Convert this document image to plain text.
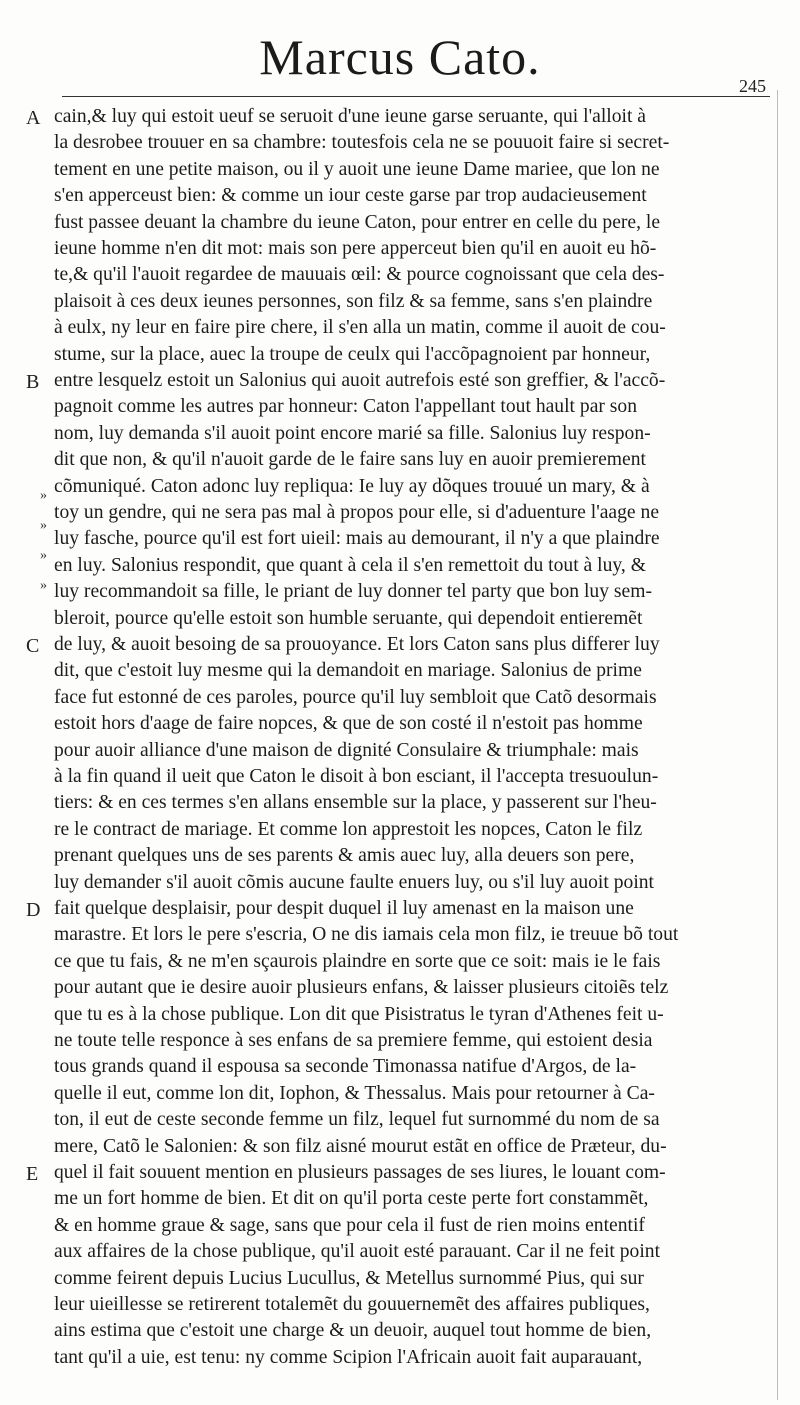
Marcus Cato.
245
A
B
C
D
E
»
»
»
»
cain,& luy qui estoit ueuf se seruoit d'une ieune garse seruante, qui l'alloit à
la desrobee trouuer en sa chambre: toutesfois cela ne se pouuoit faire si secret-
tement en une petite maison, ou il y auoit une ieune Dame mariee, que lon ne
s'en apperceust bien: & comme un iour ceste garse par trop audacieusement
fust passee deuant la chambre du ieune Caton, pour entrer en celle du pere, le
ieune homme n'en dit mot: mais son pere apperceut bien qu'il en auoit eu hõ-
te,& qu'il l'auoit regardee de mauuais œil: & pource cognoissant que cela des-
plaisoit à ces deux ieunes personnes, son filz & sa femme, sans s'en plaindre
à eulx, ny leur en faire pire chere, il s'en alla un matin, comme il auoit de cou-
stume, sur la place, auec la troupe de ceulx qui l'accõpagnoient par honneur,
entre lesquelz estoit un Salonius qui auoit autrefois esté son greffier, & l'accõ-
pagnoit comme les autres par honneur: Caton l'appellant tout hault par son
nom, luy demanda s'il auoit point encore marié sa fille. Salonius luy respon-
dit que non, & qu'il n'auoit garde de le faire sans luy en auoir premierement
cõmuniqué. Caton adonc luy repliqua: Ie luy ay dõques trouué un mary, & à
toy un gendre, qui ne sera pas mal à propos pour elle, si d'aduenture l'aage ne
luy fasche, pource qu'il est fort uieil: mais au demourant, il n'y a que plaindre
en luy. Salonius respondit, que quant à cela il s'en remettoit du tout à luy, &
luy recommandoit sa fille, le priant de luy donner tel party que bon luy sem-
bleroit, pource qu'elle estoit son humble seruante, qui dependoit entieremẽt
de luy, & auoit besoing de sa prouoyance. Et lors Caton sans plus differer luy
dit, que c'estoit luy mesme qui la demandoit en mariage. Salonius de prime
face fut estonné de ces paroles, pource qu'il luy sembloit que Catõ desormais
estoit hors d'aage de faire nopces, & que de son costé il n'estoit pas homme
pour auoir alliance d'une maison de dignité Consulaire & triumphale: mais
à la fin quand il ueit que Caton le disoit à bon esciant, il l'accepta tresuoulun-
tiers: & en ces termes s'en allans ensemble sur la place, y passerent sur l'heu-
re le contract de mariage. Et comme lon apprestoit les nopces, Caton le filz
prenant quelques uns de ses parents & amis auec luy, alla deuers son pere,
luy demander s'il auoit cõmis aucune faulte enuers luy, ou s'il luy auoit point
fait quelque desplaisir, pour despit duquel il luy amenast en la maison une
marastre. Et lors le pere s'escria, O ne dis iamais cela mon filz, ie treuue bõ tout
ce que tu fais, & ne m'en sçaurois plaindre en sorte que ce soit: mais ie le fais
pour autant que ie desire auoir plusieurs enfans, & laisser plusieurs citoiẽs telz
que tu es à la chose publique. Lon dit que Pisistratus le tyran d'Athenes feit u-
ne toute telle responce à ses enfans de sa premiere femme, qui estoient desia
tous grands quand il espousa sa seconde Timonassa natifue d'Argos, de la-
quelle il eut, comme lon dit, Iophon, & Thessalus. Mais pour retourner à Ca-
ton, il eut de ceste seconde femme un filz, lequel fut surnommé du nom de sa
mere, Catõ le Salonien: & son filz aisné mourut estãt en office de Præteur, du-
quel il fait souuent mention en plusieurs passages de ses liures, le louant com-
me un fort homme de bien. Et dit on qu'il porta ceste perte fort constammẽt,
& en homme graue & sage, sans que pour cela il fust de rien moins ententif
aux affaires de la chose publique, qu'il auoit esté parauant. Car il ne feit point
comme feirent depuis Lucius Lucullus, & Metellus surnommé Pius, qui sur
leur uieillesse se retirerent totalemẽt du gouuernemẽt des affaires publiques,
ains estima que c'estoit une charge & un deuoir, auquel tout homme de bien,
tant qu'il a uie, est tenu: ny comme Scipion l'Africain auoit fait auparauant,
